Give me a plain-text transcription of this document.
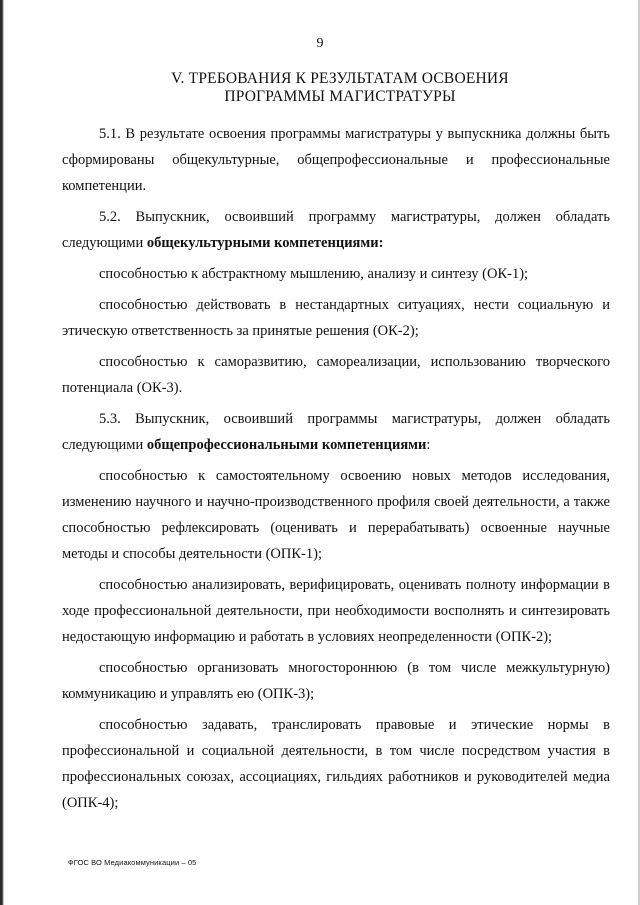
9
V. ТРЕБОВАНИЯ К РЕЗУЛЬТАТАМ ОСВОЕНИЯ
ПРОГРАММЫ МАГИСТРАТУРЫ

5.1. В результате освоения программы магистратуры у выпускника должны быть сформированы общекультурные, общепрофессиональные и профессиональные компетенции.

5.2. Выпускник, освоивший программу магистратуры, должен обладать следующими общекультурными компетенциями:

способностью к абстрактному мышлению, анализу и синтезу (ОК-1);

способностью действовать в нестандартных ситуациях, нести социальную и этическую ответственность за принятые решения (ОК-2);

способностью к саморазвитию, самореализации, использованию творческого потенциала (ОК-3).

5.3. Выпускник, освоивший программы магистратуры, должен обладать следующими общепрофессиональными компетенциями:

способностью к самостоятельному освоению новых методов исследования, изменению научного и научно-производственного профиля своей деятельности, а также способностью рефлексировать (оценивать и перерабатывать) освоенные научные методы и способы деятельности (ОПК-1);

способностью анализировать, верифицировать, оценивать полноту информации в ходе профессиональной деятельности, при необходимости восполнять и синтезировать недостающую информацию и работать в условиях неопределенности (ОПК-2);

способностью организовать многостороннюю (в том числе межкультурную) коммуникацию и управлять ею (ОПК-3);

способностью задавать, транслировать правовые и этические нормы в профессиональной и социальной деятельности, в том числе посредством участия в профессиональных союзах, ассоциациях, гильдиях работников и руководителей медиа (ОПК-4);

ФГОС ВО Медиакоммуникации – 05
